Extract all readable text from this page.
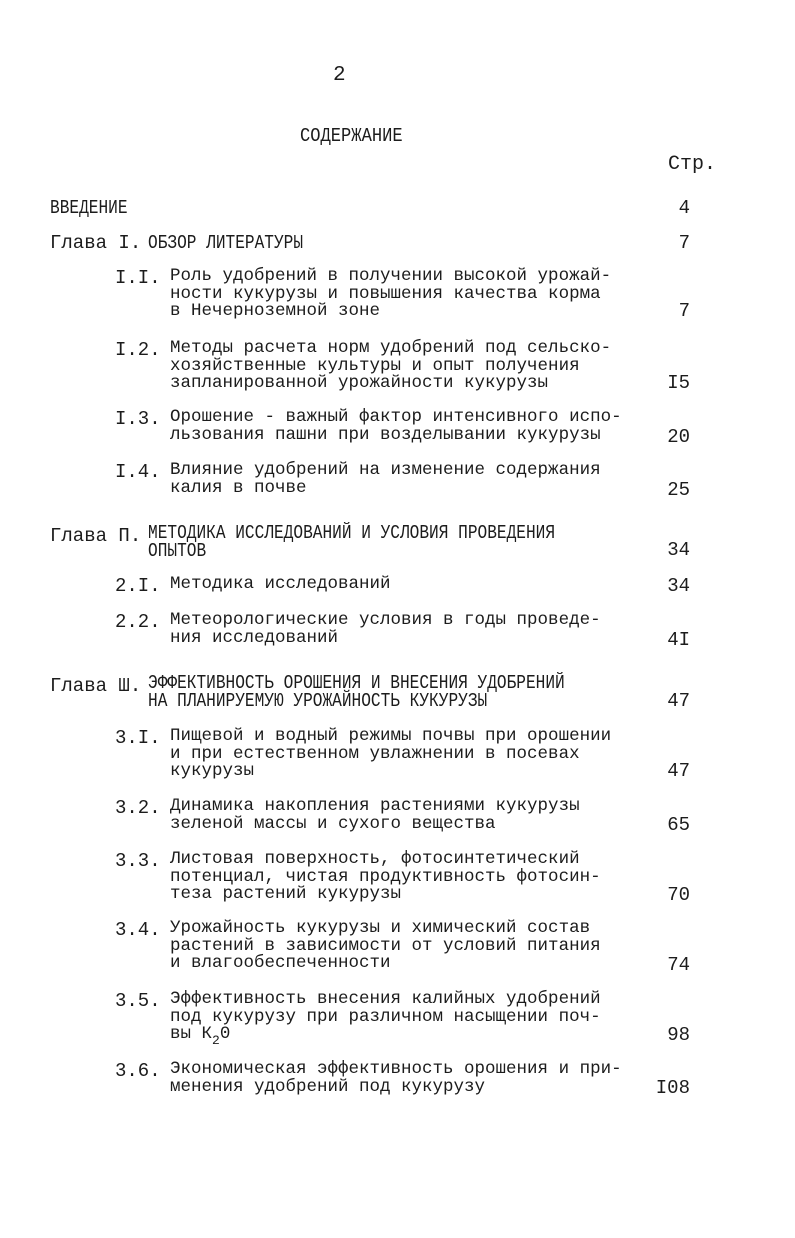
2
СОДЕРЖАНИЕ
Стр.
ВВЕДЕНИЕ	4
Глава I. ОБЗОР ЛИТЕРАТУРЫ	7
I.I. Роль удобрений в получении высокой урожай-
ности кукурузы и повышения качества корма
в Нечерноземной зоне	7
I.2. Методы расчета норм удобрений под сельско-
хозяйственные культуры и опыт получения
запланированной урожайности кукурузы	I5
I.3. Орошение - важный фактор интенсивного испо-
льзования пашни при возделывании кукурузы	20
I.4. Влияние удобрений на изменение содержания
калия в почве	25
Глава П. МЕТОДИКА ИССЛЕДОВАНИЙ И УСЛОВИЯ ПРОВЕДЕНИЯ
ОПЫТОВ	34
2.I. Методика исследований	34
2.2. Метеорологические условия в годы проведе-
ния исследований	4I
Глава Ш. ЭФФЕКТИВНОСТЬ ОРОШЕНИЯ И ВНЕСЕНИЯ УДОБРЕНИЙ
НА ПЛАНИРУЕМУЮ УРОЖАЙНОСТЬ КУКУРУЗЫ	47
3.I. Пищевой и водный режимы почвы при орошении
и при естественном увлажнении в посевах
кукурузы	47
3.2. Динамика накопления растениями кукурузы
зеленой массы и сухого вещества	65
3.3. Листовая поверхность, фотосинтетический
потенциал, чистая продуктивность фотосин-
теза растений кукурузы	70
3.4. Урожайность кукурузы и химический состав
растений в зависимости от условий питания
и влагообеспеченности	74
3.5. Эффективность внесения калийных удобрений
под кукурузу при различном насыщении поч-
вы $К_20$	98
3.6. Экономическая эффективность орошения и при-
менения удобрений под кукурузу	I08
